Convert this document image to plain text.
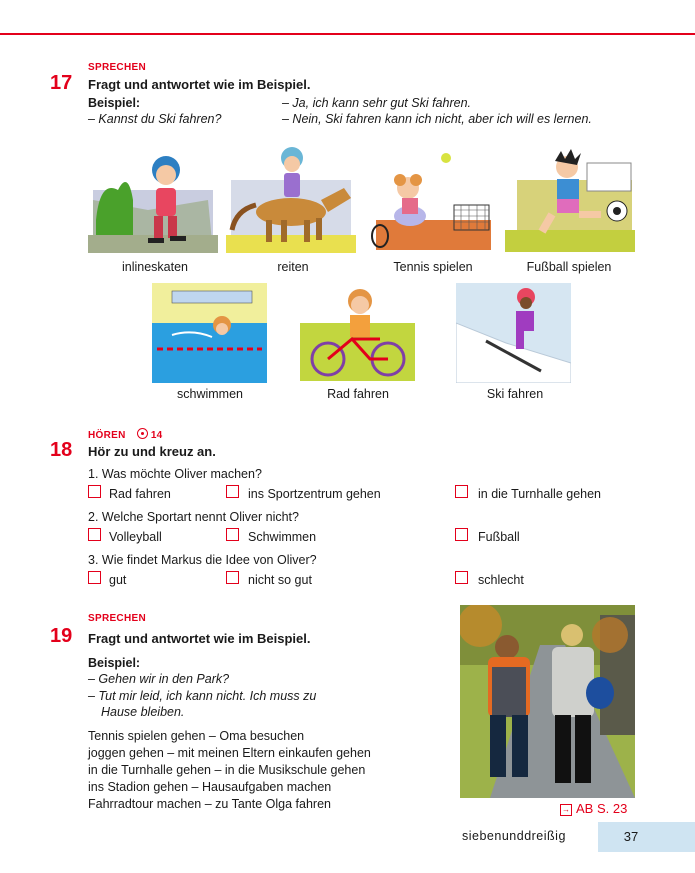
SPRECHEN
17 Fragt und antwortet wie im Beispiel.
Beispiel:
– Kannst du Ski fahren?
– Ja, ich kann sehr gut Ski fahren.
– Nein, Ski fahren kann ich nicht, aber ich will es lernen.
inlineskaten	reiten	Tennis spielen	Fußball spielen
schwimmen	Rad fahren	Ski fahren
HÖREN	14
18 Hör zu und kreuz an.
1. Was möchte Oliver machen?
Rad fahren	ins Sportzentrum gehen	in die Turnhalle gehen
2. Welche Sportart nennt Oliver nicht?
Volleyball	Schwimmen	Fußball
3. Wie findet Markus die Idee von Oliver?
gut	nicht so gut	schlecht
SPRECHEN
19 Fragt und antwortet wie im Beispiel.
Beispiel:
– Gehen wir in den Park?
– Tut mir leid, ich kann nicht. Ich muss zu
Hause bleiben.
Tennis spielen gehen – Oma besuchen
joggen gehen – mit meinen Eltern einkaufen gehen
in die Turnhalle gehen – in die Musikschule gehen
ins Stadion gehen – Hausaufgaben machen
Fahrradtour machen – zu Tante Olga fahren	→ AB S. 23
siebenunddreißig	37
